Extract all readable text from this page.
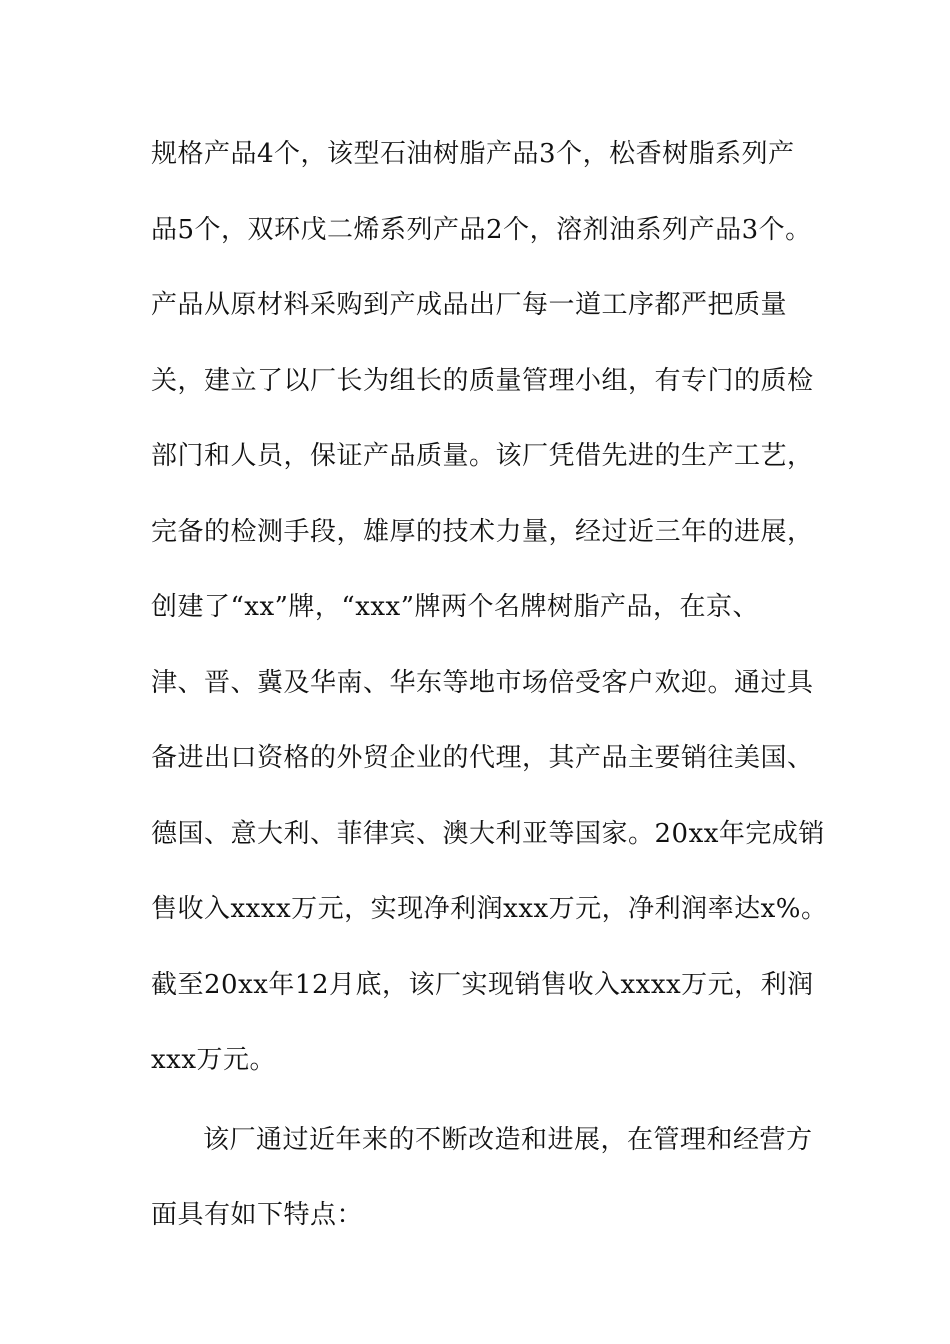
规格产品4个，该型石油树脂产品3个，松香树脂系列产
品5个，双环戊二烯系列产品2个，溶剂油系列产品3个。
产品从原材料采购到产成品出厂每一道工序都严把质量
关，建立了以厂长为组长的质量管理小组，有专门的质检
部门和人员，保证产品质量。该厂凭借先进的生产工艺，
完备的检测手段，雄厚的技术力量，经过近三年的进展，
创建了“xx”牌，“xxx”牌两个名牌树脂产品，在京、
津、晋、冀及华南、华东等地市场倍受客户欢迎。通过具
备进出口资格的外贸企业的代理，其产品主要销往美国、
德国、意大利、菲律宾、澳大利亚等国家。20xx年完成销
售收入xxxx万元，实现净利润xxx万元，净利润率达x%。
截至20xx年12月底，该厂实现销售收入xxxx万元，利润
xxx万元。
该厂通过近年来的不断改造和进展，在管理和经营方
面具有如下特点：
